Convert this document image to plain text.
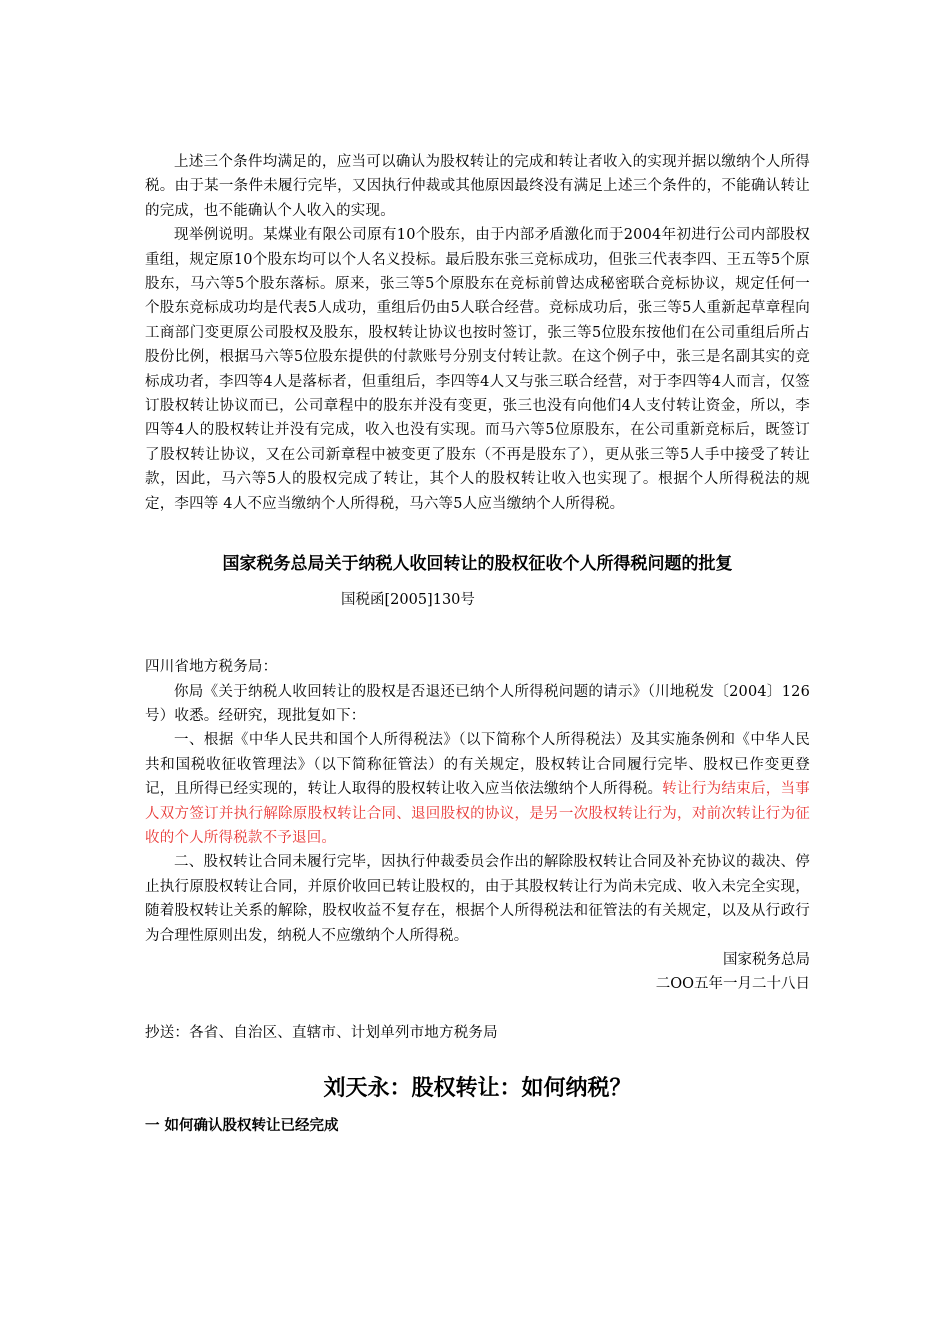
上述三个条件均满足的，应当可以确认为股权转让的完成和转让者收入的实现并据以缴纳个人所得税。由于某一条件未履行完毕，又因执行仲裁或其他原因最终没有满足上述三个条件的，不能确认转让的完成，也不能确认个人收入的实现。

现举例说明。某煤业有限公司原有10个股东，由于内部矛盾激化而于2004年初进行公司内部股权重组，规定原10个股东均可以个人名义投标。最后股东张三竞标成功，但张三代表李四、王五等5个原股东，马六等5个股东落标。原来，张三等5个原股东在竞标前曾达成秘密联合竞标协议，规定任何一个股东竞标成功均是代表5人成功，重组后仍由5人联合经营。竞标成功后，张三等5人重新起草章程向工商部门变更原公司股权及股东，股权转让协议也按时签订，张三等5位股东按他们在公司重组后所占股份比例，根据马六等5位股东提供的付款账号分别支付转让款。在这个例子中，张三是名副其实的竞标成功者，李四等4人是落标者，但重组后，李四等4人又与张三联合经营，对于李四等4人而言，仅签订股权转让协议而已，公司章程中的股东并没有变更，张三也没有向他们4人支付转让资金，所以，李四等4人的股权转让并没有完成，收入也没有实现。而马六等5位原股东，在公司重新竞标后，既签订了股权转让协议，又在公司新章程中被变更了股东（不再是股东了），更从张三等5人手中接受了转让款，因此，马六等5人的股权完成了转让，其个人的股权转让收入也实现了。根据个人所得税法的规定，李四等 4人不应当缴纳个人所得税，马六等5人应当缴纳个人所得税。

国家税务总局关于纳税人收回转让的股权征收个人所得税问题的批复

国税函[2005]130号

四川省地方税务局：

你局《关于纳税人收回转让的股权是否退还已纳个人所得税问题的请示》（川地税发〔2004〕126号）收悉。经研究，现批复如下：

一、根据《中华人民共和国个人所得税法》（以下简称个人所得税法）及其实施条例和《中华人民共和国税收征收管理法》（以下简称征管法）的有关规定，股权转让合同履行完毕、股权已作变更登记，且所得已经实现的，转让人取得的股权转让收入应当依法缴纳个人所得税。转让行为结束后，当事人双方签订并执行解除原股权转让合同、退回股权的协议，是另一次股权转让行为，对前次转让行为征收的个人所得税款不予退回。

二、股权转让合同未履行完毕，因执行仲裁委员会作出的解除股权转让合同及补充协议的裁决、停止执行原股权转让合同，并原价收回已转让股权的，由于其股权转让行为尚未完成、收入未完全实现，随着股权转让关系的解除，股权收益不复存在，根据个人所得税法和征管法的有关规定，以及从行政行为合理性原则出发，纳税人不应缴纳个人所得税。

国家税务总局

二OO五年一月二十八日

抄送：各省、自治区、直辖市、计划单列市地方税务局

刘天永：股权转让：如何纳税？

一 如何确认股权转让已经完成
